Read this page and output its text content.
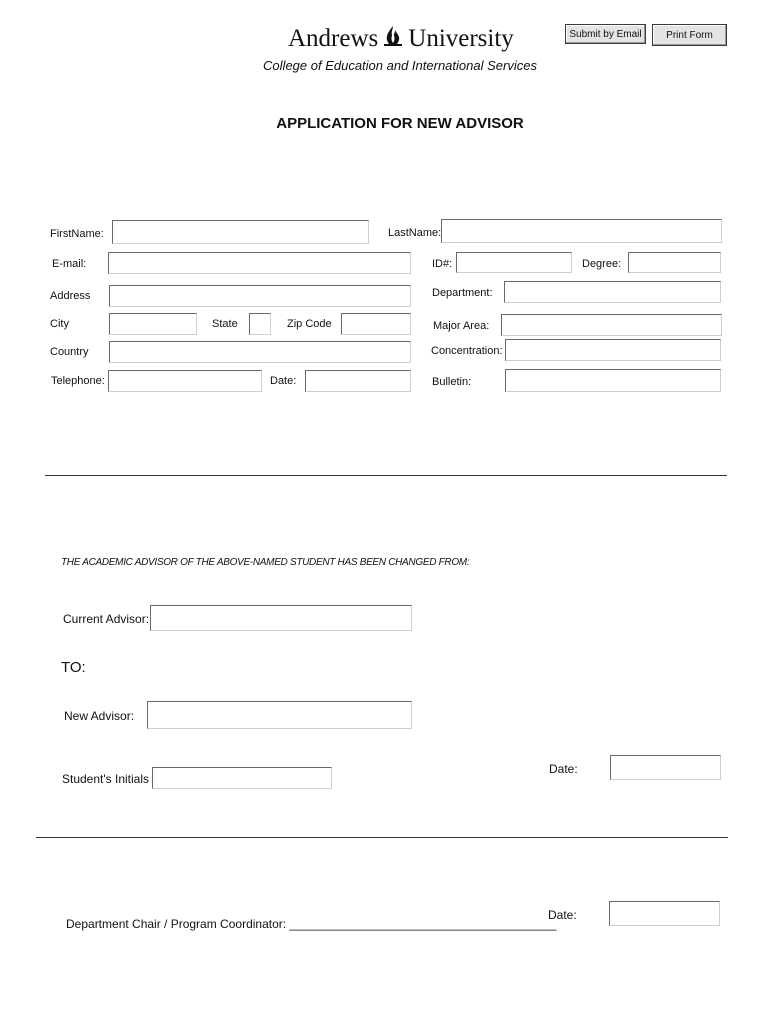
Andrews University	Submit by Email	Print Form
College of Education and International Services
APPLICATION FOR NEW ADVISOR
FirstName:	LastName:
E-mail:	ID#:	Degree:
Address	Department:
City	State	Zip Code	Major Area:
Country	Concentration:
Telephone:	Date:	Bulletin:
THE ACADEMIC ADVISOR OF THE ABOVE-NAMED STUDENT HAS BEEN CHANGED FROM:
Current Advisor:
TO:
New Advisor:
Student's Initials
Date:
Department Chair / Program Coordinator: ________________________________________
Date:
